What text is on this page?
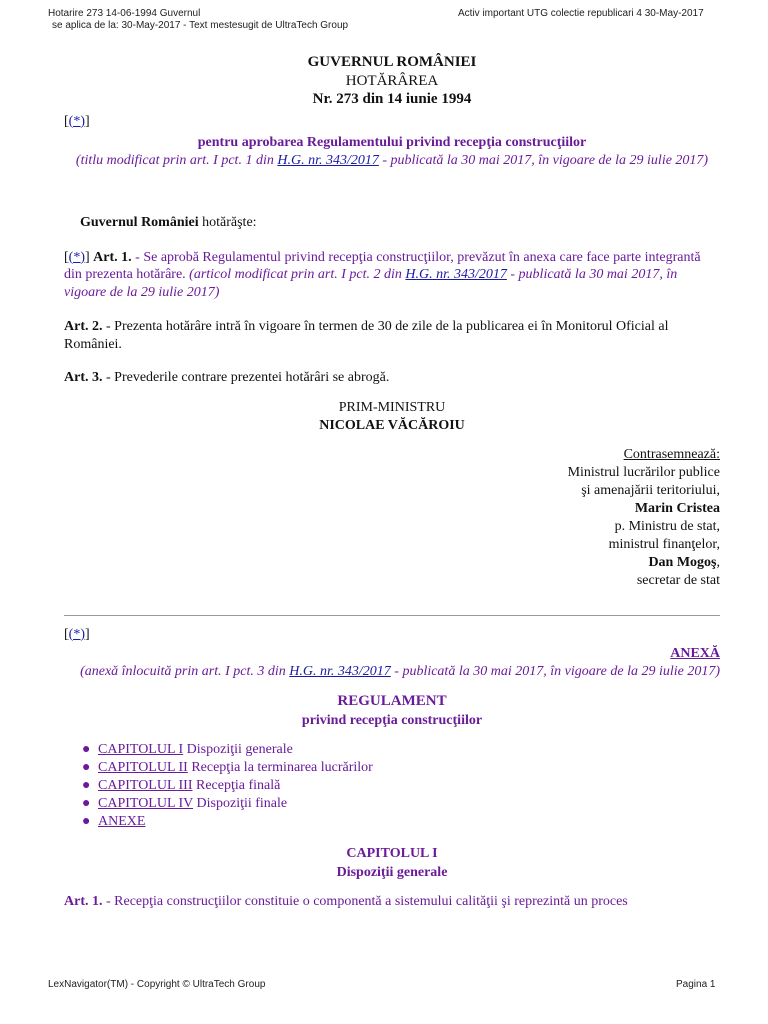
Hotarire 273 14-06-1994 Guvernul
se aplica de la: 30-May-2017 - Text mestesugit de UltraTech Group
Activ important UTG colectie republicari 4 30-May-2017
GUVERNUL ROMÂNIEI
HOTĂRÂREA
Nr. 273 din 14 iunie 1994
[(*)]
pentru aprobarea Regulamentului privind recepţia construcţiilor
(titlu modificat prin art. I pct. 1 din H.G. nr. 343/2017 - publicată la 30 mai 2017, în vigoare de la 29 iulie 2017)
Guvernul României hotărăşte:
[(*)] Art. 1. - Se aprobă Regulamentul privind recepţia construcţiilor, prevăzut în anexa care face parte integrantă din prezenta hotărâre. (articol modificat prin art. I pct. 2 din H.G. nr. 343/2017 - publicată la 30 mai 2017, în vigoare de la 29 iulie 2017)
Art. 2. - Prezenta hotărâre intră în vigoare în termen de 30 de zile de la publicarea ei în Monitorul Oficial al României.
Art. 3. - Prevederile contrare prezentei hotărâri se abrogă.
PRIM-MINISTRU
NICOLAE VĂCĂROIU
Contrasemnează:
Ministrul lucrărilor publice
şi amenajării teritoriului,
Marin Cristea
p. Ministru de stat,
ministrul finanţelor,
Dan Mogoş,
secretar de stat
[(*)]
ANEXĂ
(anexă înlocuită prin art. I pct. 3 din H.G. nr. 343/2017 - publicată la 30 mai 2017, în vigoare de la 29 iulie 2017)
REGULAMENT
privind recepţia construcţiilor
● CAPITOLUL I Dispoziţii generale
● CAPITOLUL II Recepţia la terminarea lucrărilor
● CAPITOLUL III Recepţia finală
● CAPITOLUL IV Dispoziţii finale
● ANEXE
CAPITOLUL I
Dispoziţii generale
Art. 1. - Recepţia construcţiilor constituie o componentă a sistemului calităţii şi reprezintă un proces
LexNavigator(TM) - Copyright © UltraTech Group	Pagina 1
